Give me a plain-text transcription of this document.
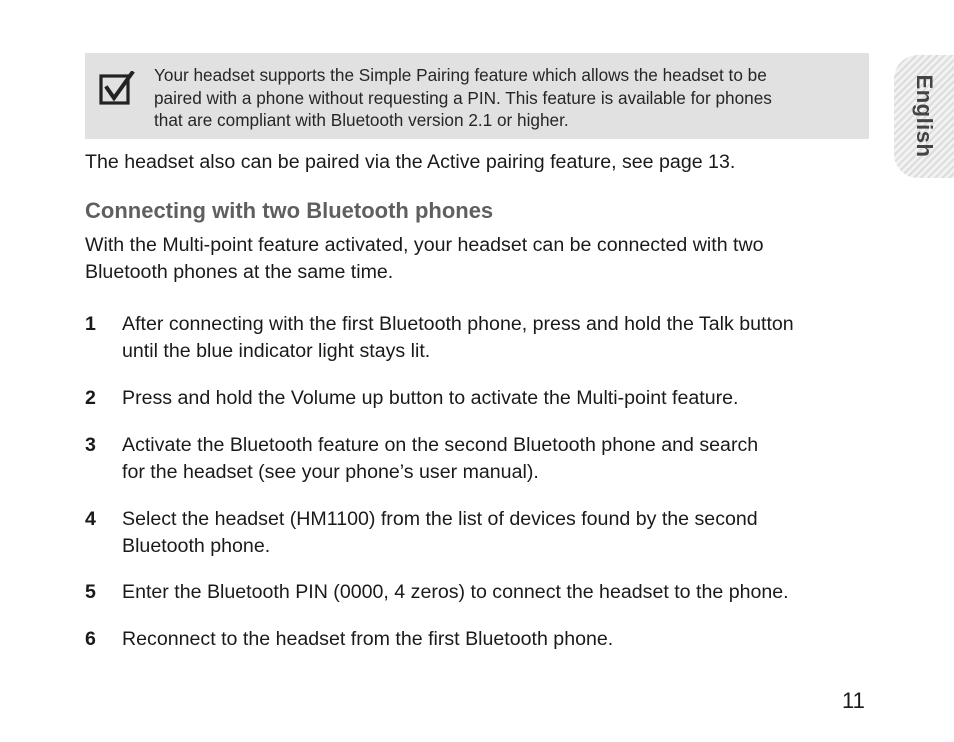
Your headset supports the Simple Pairing feature which allows the headset to be
paired with a phone without requesting a PIN. This feature is available for phones
that are compliant with Bluetooth version 2.1 or higher.
The headset also can be paired via the Active pairing feature, see page 13.
Connecting with two Bluetooth phones
With the Multi-point feature activated, your headset can be connected with two
Bluetooth phones at the same time.
1 After connecting with the first Bluetooth phone, press and hold the Talk button
until the blue indicator light stays lit.
2 Press and hold the Volume up button to activate the Multi-point feature.
3 Activate the Bluetooth feature on the second Bluetooth phone and search
for the headset (see your phone’s user manual).
4 Select the headset (HM1100) from the list of devices found by the second
Bluetooth phone.
5 Enter the Bluetooth PIN (0000, 4 zeros) to connect the headset to the phone.
6 Reconnect to the headset from the first Bluetooth phone.
English
11
